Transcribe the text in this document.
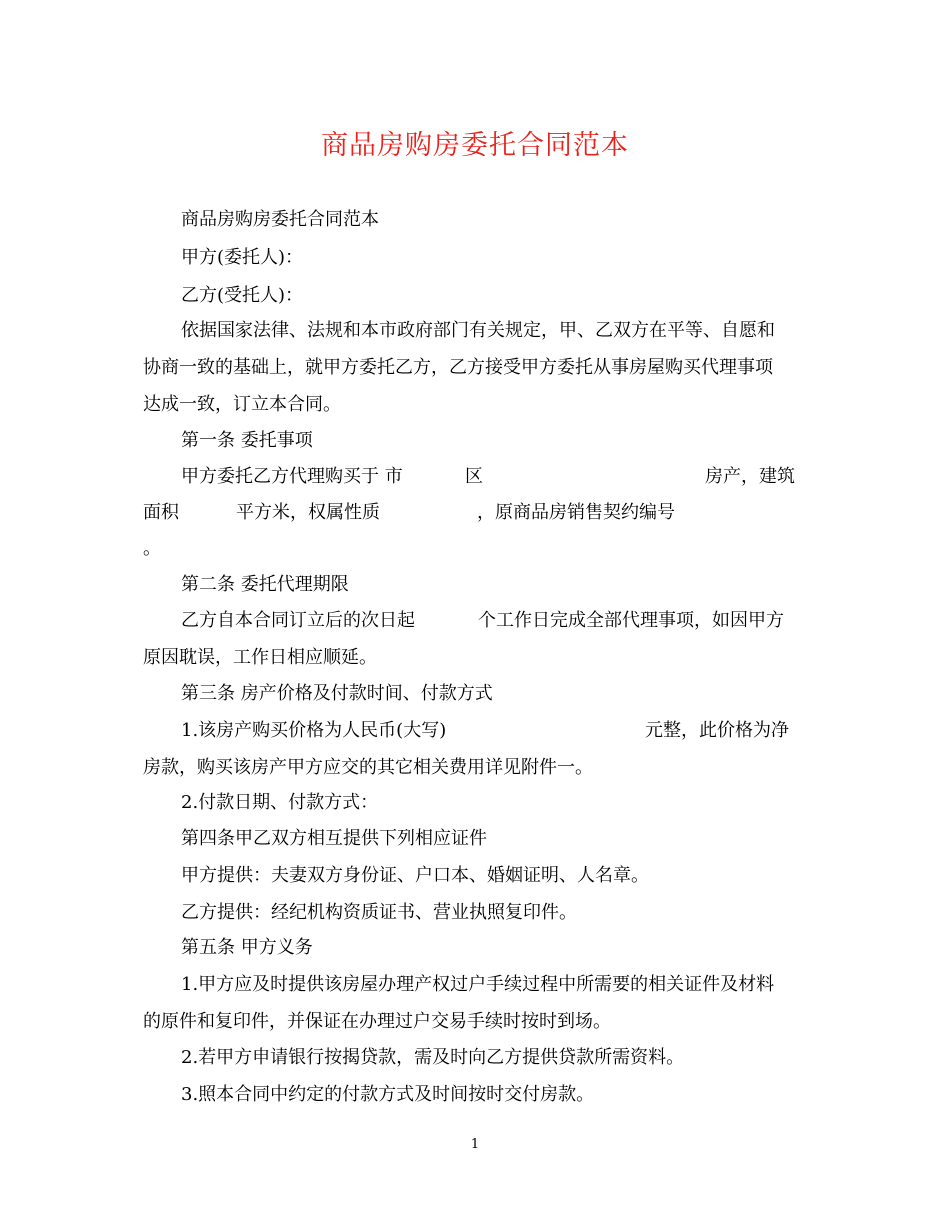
商品房购房委托合同范本
商品房购房委托合同范本
甲方(委托人)：
乙方(受托人)：
依据国家法律、法规和本市政府部门有关规定，甲、乙双方在平等、自愿和
协商一致的基础上，就甲方委托乙方，乙方接受甲方委托从事房屋购买代理事项
达成一致，订立本合同。
第一条 委托事项
甲方委托乙方代理购买于 市	区	房产，建筑
面积	平方米，权属性质	，原商品房销售契约编号
。
第二条 委托代理期限
乙方自本合同订立后的次日起	个工作日完成全部代理事项，如因甲方
原因耽误，工作日相应顺延。
第三条 房产价格及付款时间、付款方式
1.该房产购买价格为人民币(大写)	元整，此价格为净
房款，购买该房产甲方应交的其它相关费用详见附件一。
2.付款日期、付款方式：
第四条甲乙双方相互提供下列相应证件
甲方提供：夫妻双方身份证、户口本、婚姻证明、人名章。
乙方提供：经纪机构资质证书、营业执照复印件。
第五条 甲方义务
1.甲方应及时提供该房屋办理产权过户手续过程中所需要的相关证件及材料
的原件和复印件，并保证在办理过户交易手续时按时到场。
2.若甲方申请银行按揭贷款，需及时向乙方提供贷款所需资料。
3.照本合同中约定的付款方式及时间按时交付房款。
1
